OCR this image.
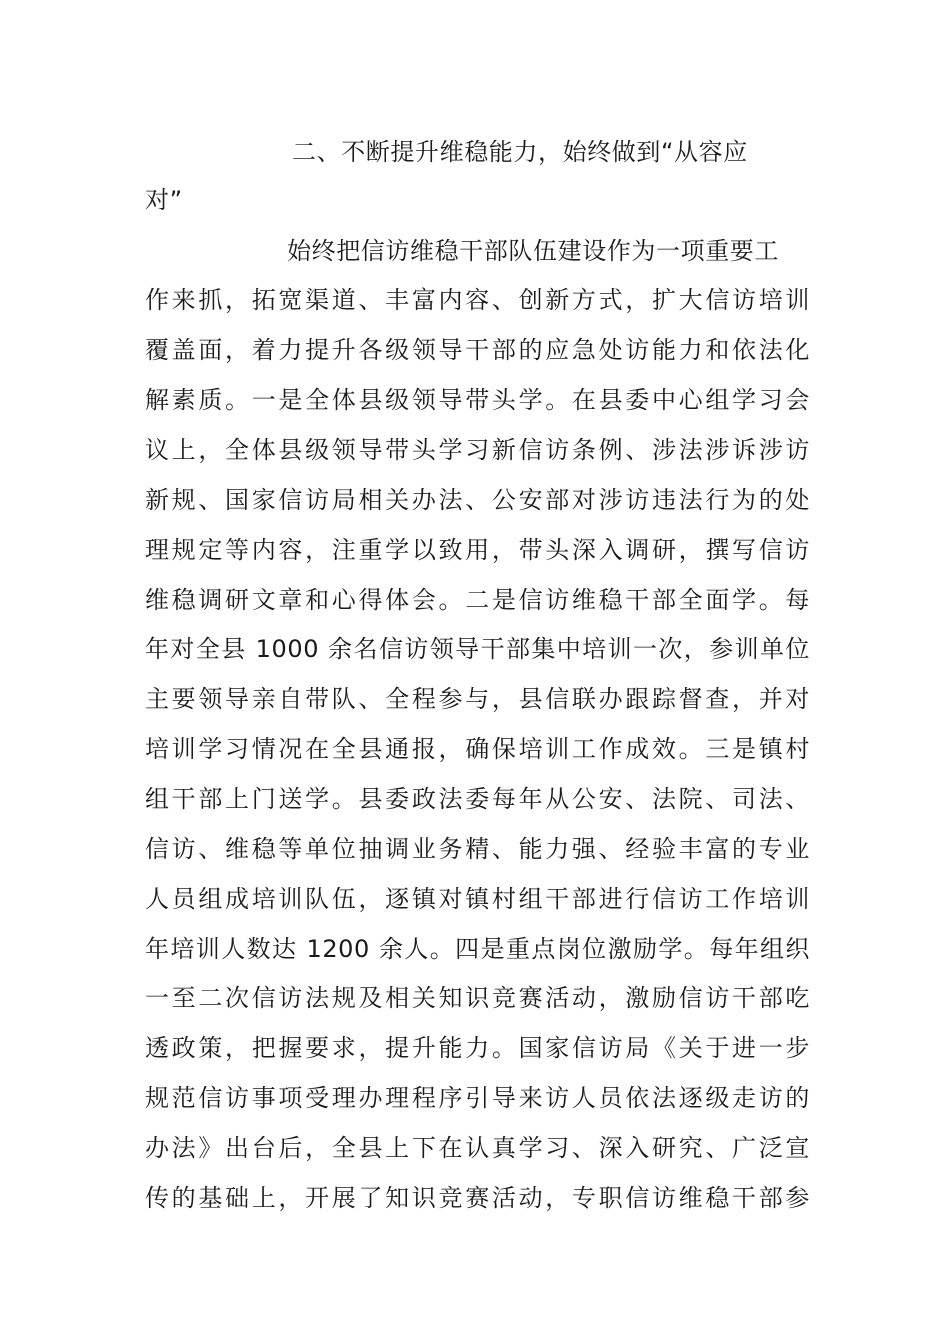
二、不断提升维稳能力，始终做到“从容应
对”
始终把信访维稳干部队伍建设作为一项重要工
作来抓，拓宽渠道、丰富内容、创新方式，扩大信访培训
覆盖面，着力提升各级领导干部的应急处访能力和依法化
解素质。一是全体县级领导带头学。在县委中心组学习会
议上，全体县级领导带头学习新信访条例、涉法涉诉涉访
新规、国家信访局相关办法、公安部对涉访违法行为的处
理规定等内容，注重学以致用，带头深入调研，撰写信访
维稳调研文章和心得体会。二是信访维稳干部全面学。每
年对全县 1000 余名信访领导干部集中培训一次，参训单位
主要领导亲自带队、全程参与，县信联办跟踪督查，并对
培训学习情况在全县通报，确保培训工作成效。三是镇村
组干部上门送学。县委政法委每年从公安、法院、司法、
信访、维稳等单位抽调业务精、能力强、经验丰富的专业
人员组成培训队伍，逐镇对镇村组干部进行信访工作培训
年培训人数达 1200 余人。四是重点岗位激励学。每年组织
一至二次信访法规及相关知识竞赛活动，激励信访干部吃
透政策，把握要求，提升能力。国家信访局《关于进一步
规范信访事项受理办理程序引导来访人员依法逐级走访的
办法》出台后，全县上下在认真学习、深入研究、广泛宣
传的基础上，开展了知识竞赛活动，专职信访维稳干部参
